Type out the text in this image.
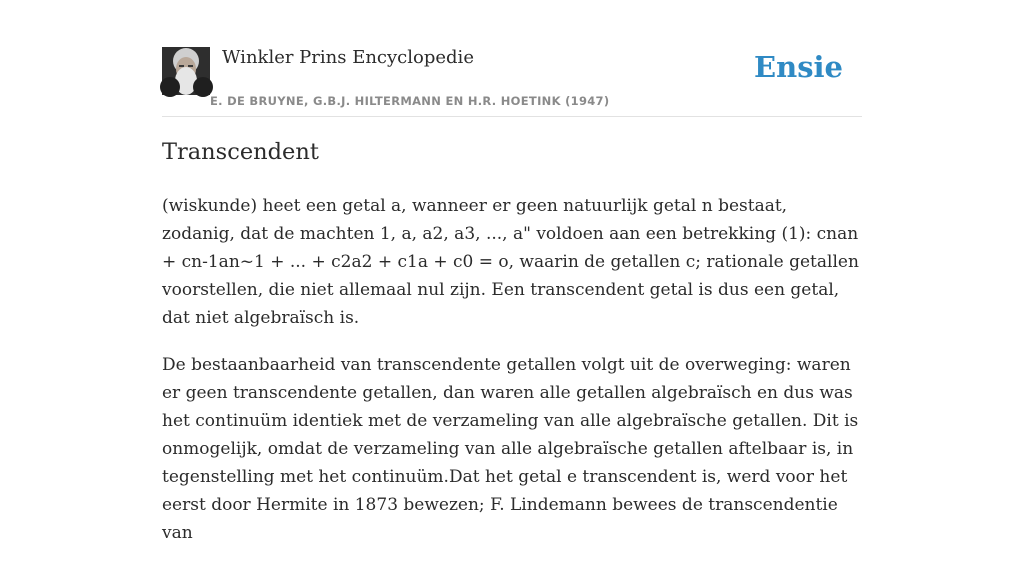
Winkler Prins Encyclopedie
E. DE BRUYNE, G.B.J. HILTERMANN EN H.R. HOETINK (1947)
Ensie
Transcendent

(wiskunde) heet een getal a, wanneer er geen natuurlijk getal n bestaat, zodanig, dat de machten 1, a, a2, a3, ..., a" voldoen aan een betrekking (1): cnan + cn-1an~1 + ... + c2a2 + c1a + c0 = o, waarin de getallen c; rationale getallen voorstellen, die niet allemaal nul zijn. Een transcendent getal is dus een getal, dat niet algebraïsch is.

De bestaanbaarheid van transcendente getallen volgt uit de overweging: waren er geen transcendente getallen, dan waren alle getallen algebraïsch en dus was het continuüm identiek met de verzameling van alle algebraïsche getallen. Dit is onmogelijk, omdat de verzameling van alle algebraïsche getallen aftelbaar is, in tegenstelling met het continuüm.Dat het getal e transcendent is, werd voor het eerst door Hermite in 1873 bewezen; F. Lindemann bewees de transcendentie van
